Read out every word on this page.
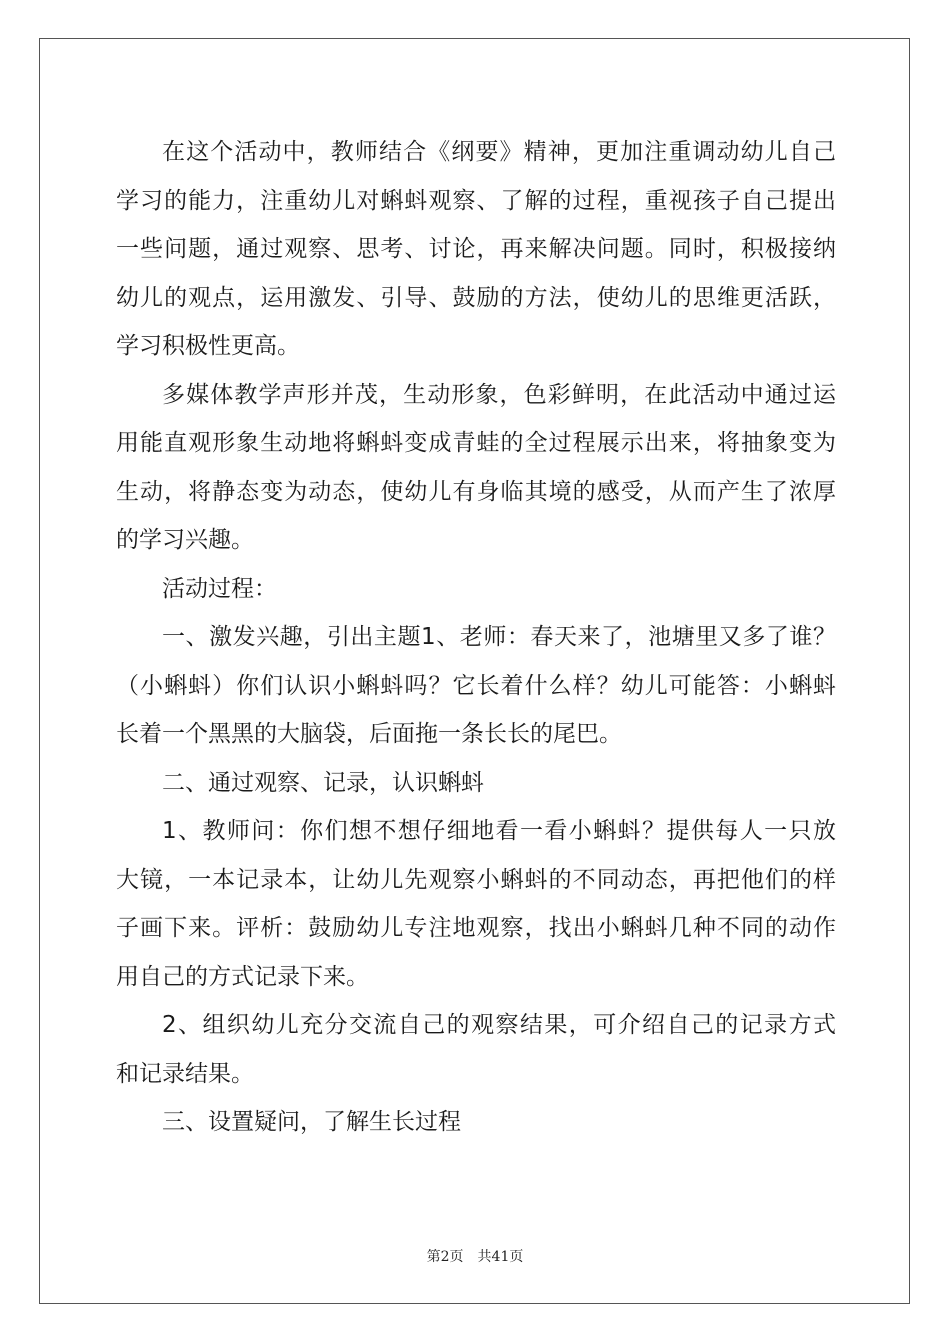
在这个活动中，教师结合《纲要》精神，更加注重调动幼儿自己
学习的能力，注重幼儿对蝌蚪观察、了解的过程，重视孩子自己提出
一些问题，通过观察、思考、讨论，再来解决问题。同时，积极接纳
幼儿的观点，运用激发、引导、鼓励的方法，使幼儿的思维更活跃，
学习积极性更高。
多媒体教学声形并茂，生动形象，色彩鲜明，在此活动中通过运
用能直观形象生动地将蝌蚪变成青蛙的全过程展示出来，将抽象变为
生动，将静态变为动态，使幼儿有身临其境的感受，从而产生了浓厚
的学习兴趣。
活动过程：
一、激发兴趣，引出主题1、老师：春天来了，池塘里又多了谁？
（小蝌蚪）你们认识小蝌蚪吗？它长着什么样？幼儿可能答：小蝌蚪
长着一个黑黑的大脑袋，后面拖一条长长的尾巴。
二、通过观察、记录，认识蝌蚪
1、教师问：你们想不想仔细地看一看小蝌蚪？提供每人一只放
大镜，一本记录本，让幼儿先观察小蝌蚪的不同动态，再把他们的样
子画下来。评析：鼓励幼儿专注地观察，找出小蝌蚪几种不同的动作
用自己的方式记录下来。
2、组织幼儿充分交流自己的观察结果，可介绍自己的记录方式
和记录结果。
三、设置疑问，了解生长过程
第2页 共41页
